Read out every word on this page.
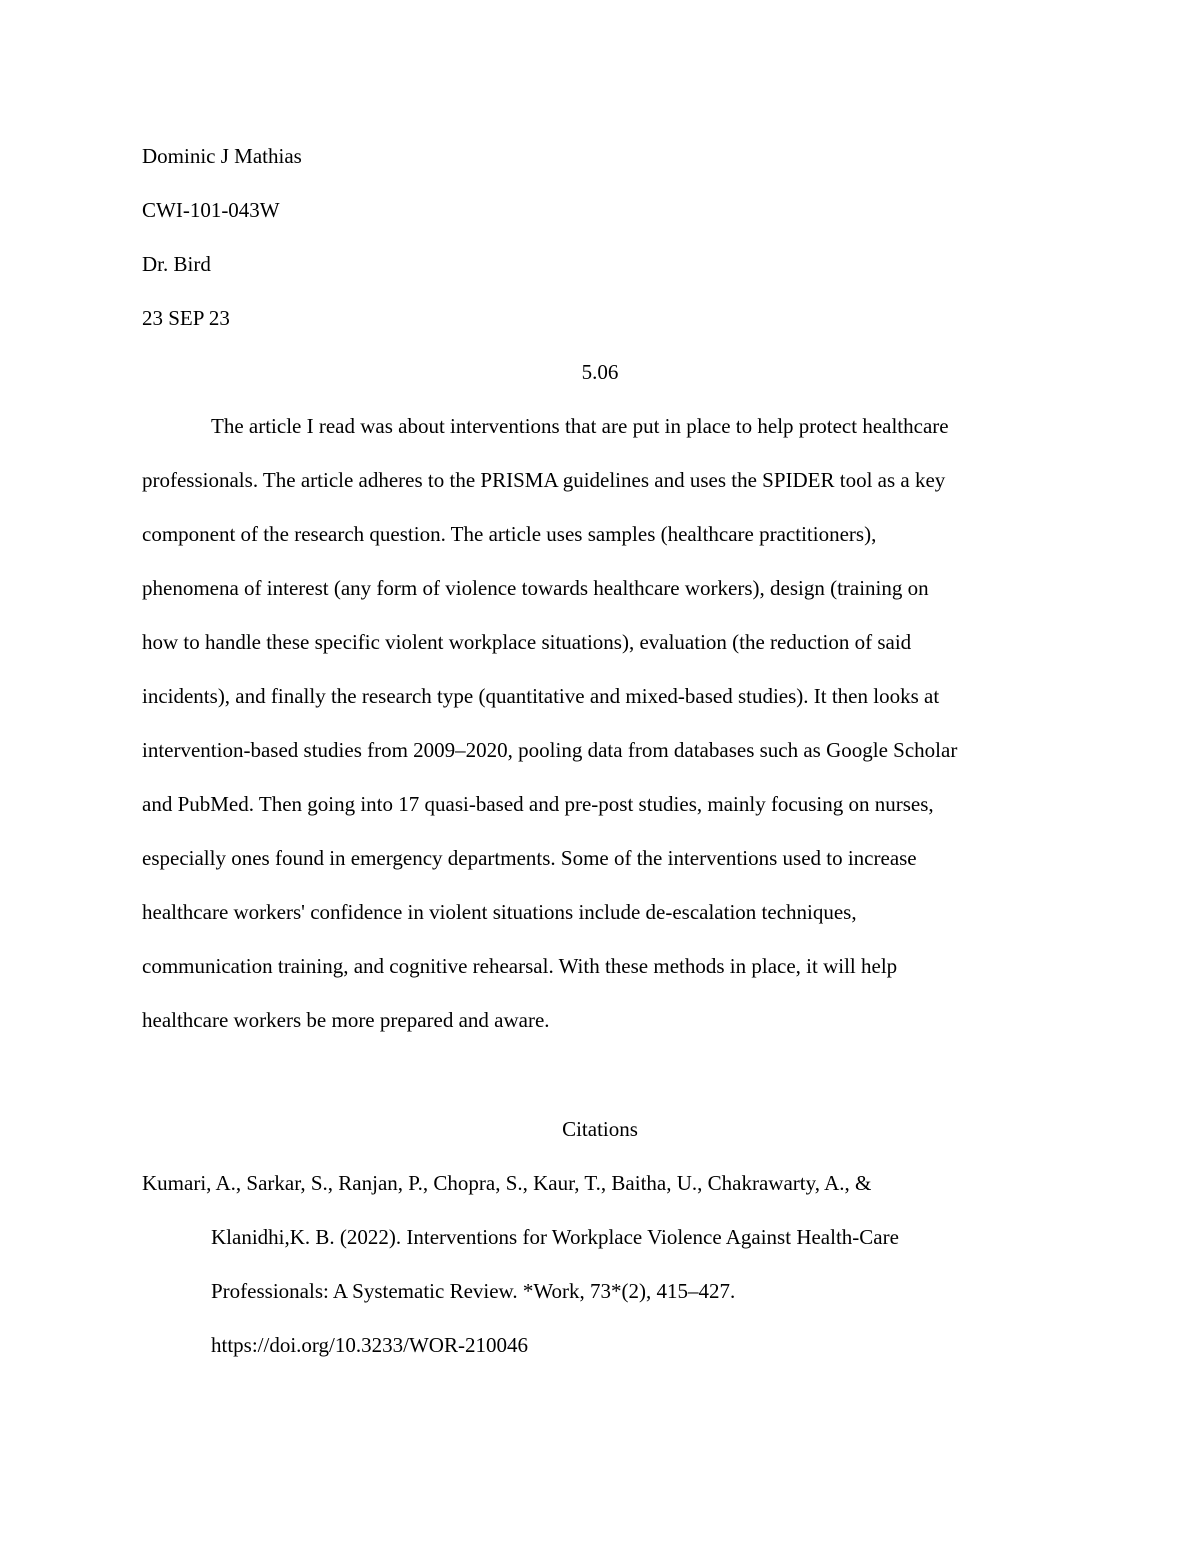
Dominic J Mathias
CWI-101-043W
Dr. Bird
23 SEP 23
5.06
The article I read was about interventions that are put in place to help protect healthcare
professionals. The article adheres to the PRISMA guidelines and uses the SPIDER tool as a key
component of the research question. The article uses samples (healthcare practitioners),
phenomena of interest (any form of violence towards healthcare workers), design (training on
how to handle these specific violent workplace situations), evaluation (the reduction of said
incidents), and finally the research type (quantitative and mixed-based studies). It then looks at
intervention-based studies from 2009–2020, pooling data from databases such as Google Scholar
and PubMed. Then going into 17 quasi-based and pre-post studies, mainly focusing on nurses,
especially ones found in emergency departments. Some of the interventions used to increase
healthcare workers' confidence in violent situations include de-escalation techniques,
communication training, and cognitive rehearsal. With these methods in place, it will help
healthcare workers be more prepared and aware.
Citations
Kumari, A., Sarkar, S., Ranjan, P., Chopra, S., Kaur, T., Baitha, U., Chakrawarty, A., &
Klanidhi,K. B. (2022). Interventions for Workplace Violence Against Health-Care
Professionals: A Systematic Review. *Work, 73*(2), 415–427.
https://doi.org/10.3233/WOR-210046
